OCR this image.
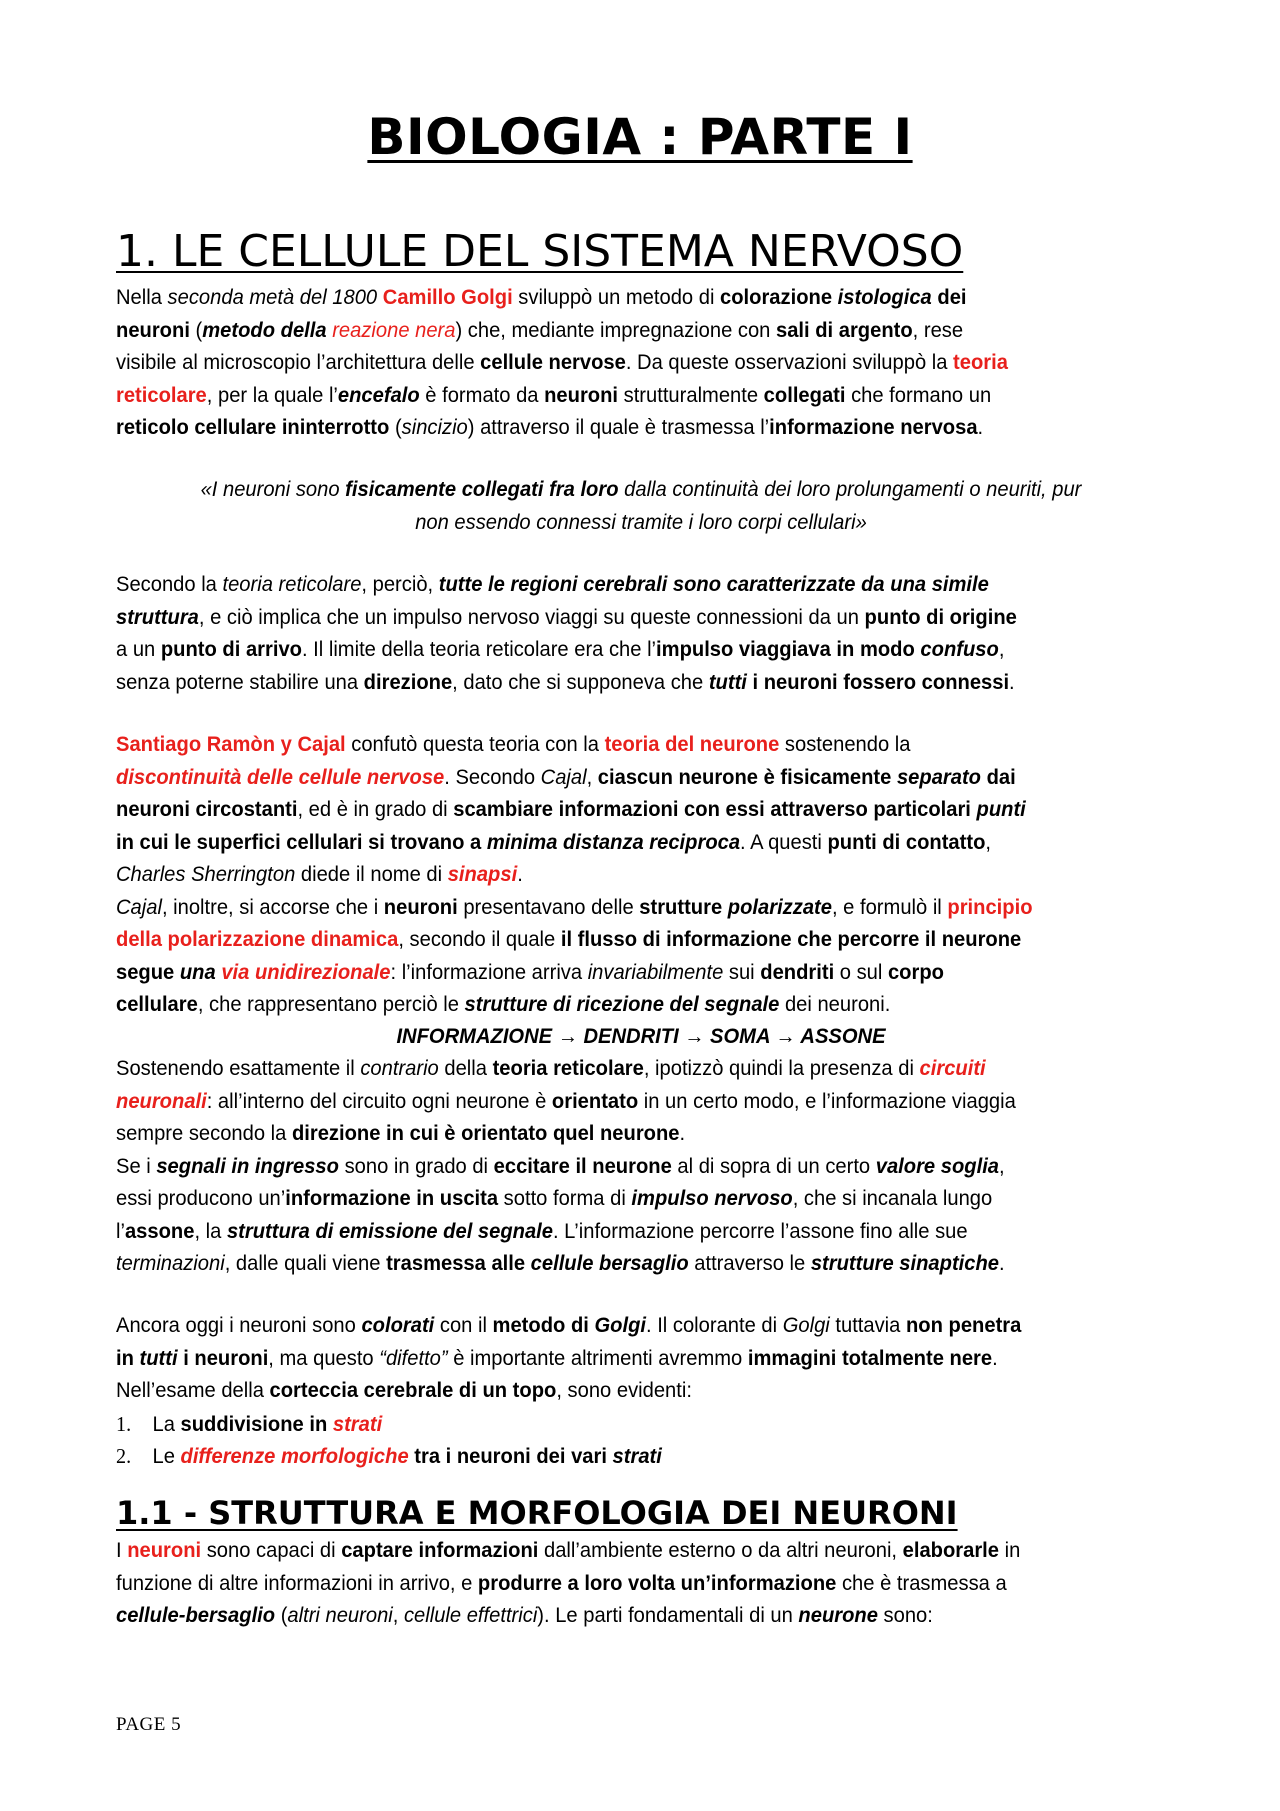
BIOLOGIA : PARTE I
1. LE CELLULE DEL SISTEMA NERVOSO
Nella seconda metà del 1800 Camillo Golgi sviluppò un metodo di colorazione istologica dei
neuroni (metodo della reazione nera) che, mediante impregnazione con sali di argento, rese
visibile al microscopio l’architettura delle cellule nervose. Da queste osservazioni sviluppò la teoria
reticolare, per la quale l’encefalo è formato da neuroni strutturalmente collegati che formano un
reticolo cellulare ininterrotto (sincizio) attraverso il quale è trasmessa l’informazione nervosa.
«I neuroni sono fisicamente collegati fra loro dalla continuità dei loro prolungamenti o neuriti, pur
non essendo connessi tramite i loro corpi cellulari»
Secondo la teoria reticolare, perciò, tutte le regioni cerebrali sono caratterizzate da una simile
struttura, e ciò implica che un impulso nervoso viaggi su queste connessioni da un punto di origine
a un punto di arrivo. Il limite della teoria reticolare era che l’impulso viaggiava in modo confuso,
senza poterne stabilire una direzione, dato che si supponeva che tutti i neuroni fossero connessi.
Santiago Ramòn y Cajal confutò questa teoria con la teoria del neurone sostenendo la
discontinuità delle cellule nervose. Secondo Cajal, ciascun neurone è fisicamente separato dai
neuroni circostanti, ed è in grado di scambiare informazioni con essi attraverso particolari punti
in cui le superfici cellulari si trovano a minima distanza reciproca. A questi punti di contatto,
Charles Sherrington diede il nome di sinapsi.
Cajal, inoltre, si accorse che i neuroni presentavano delle strutture polarizzate, e formulò il principio
della polarizzazione dinamica, secondo il quale il flusso di informazione che percorre il neurone
segue una via unidirezionale: l’informazione arriva invariabilmente sui dendriti o sul corpo
cellulare, che rappresentano perciò le strutture di ricezione del segnale dei neuroni.
INFORMAZIONE → DENDRITI → SOMA → ASSONE
Sostenendo esattamente il contrario della teoria reticolare, ipotizzò quindi la presenza di circuiti
neuronali: all’interno del circuito ogni neurone è orientato in un certo modo, e l’informazione viaggia
sempre secondo la direzione in cui è orientato quel neurone.
Se i segnali in ingresso sono in grado di eccitare il neurone al di sopra di un certo valore soglia,
essi producono un’informazione in uscita sotto forma di impulso nervoso, che si incanala lungo
l’assone, la struttura di emissione del segnale. L’informazione percorre l’assone fino alle sue
terminazioni, dalle quali viene trasmessa alle cellule bersaglio attraverso le strutture sinaptiche.
Ancora oggi i neuroni sono colorati con il metodo di Golgi. Il colorante di Golgi tuttavia non penetra
in tutti i neuroni, ma questo “difetto” è importante altrimenti avremmo immagini totalmente nere.
Nell’esame della corteccia cerebrale di un topo, sono evidenti:
1. La suddivisione in strati
2. Le differenze morfologiche tra i neuroni dei vari strati
1.1 - STRUTTURA E MORFOLOGIA DEI NEURONI
I neuroni sono capaci di captare informazioni dall’ambiente esterno o da altri neuroni, elaborarle in
funzione di altre informazioni in arrivo, e produrre a loro volta un’informazione che è trasmessa a
cellule-bersaglio (altri neuroni, cellule effettrici). Le parti fondamentali di un neurone sono:
PAGE 5
